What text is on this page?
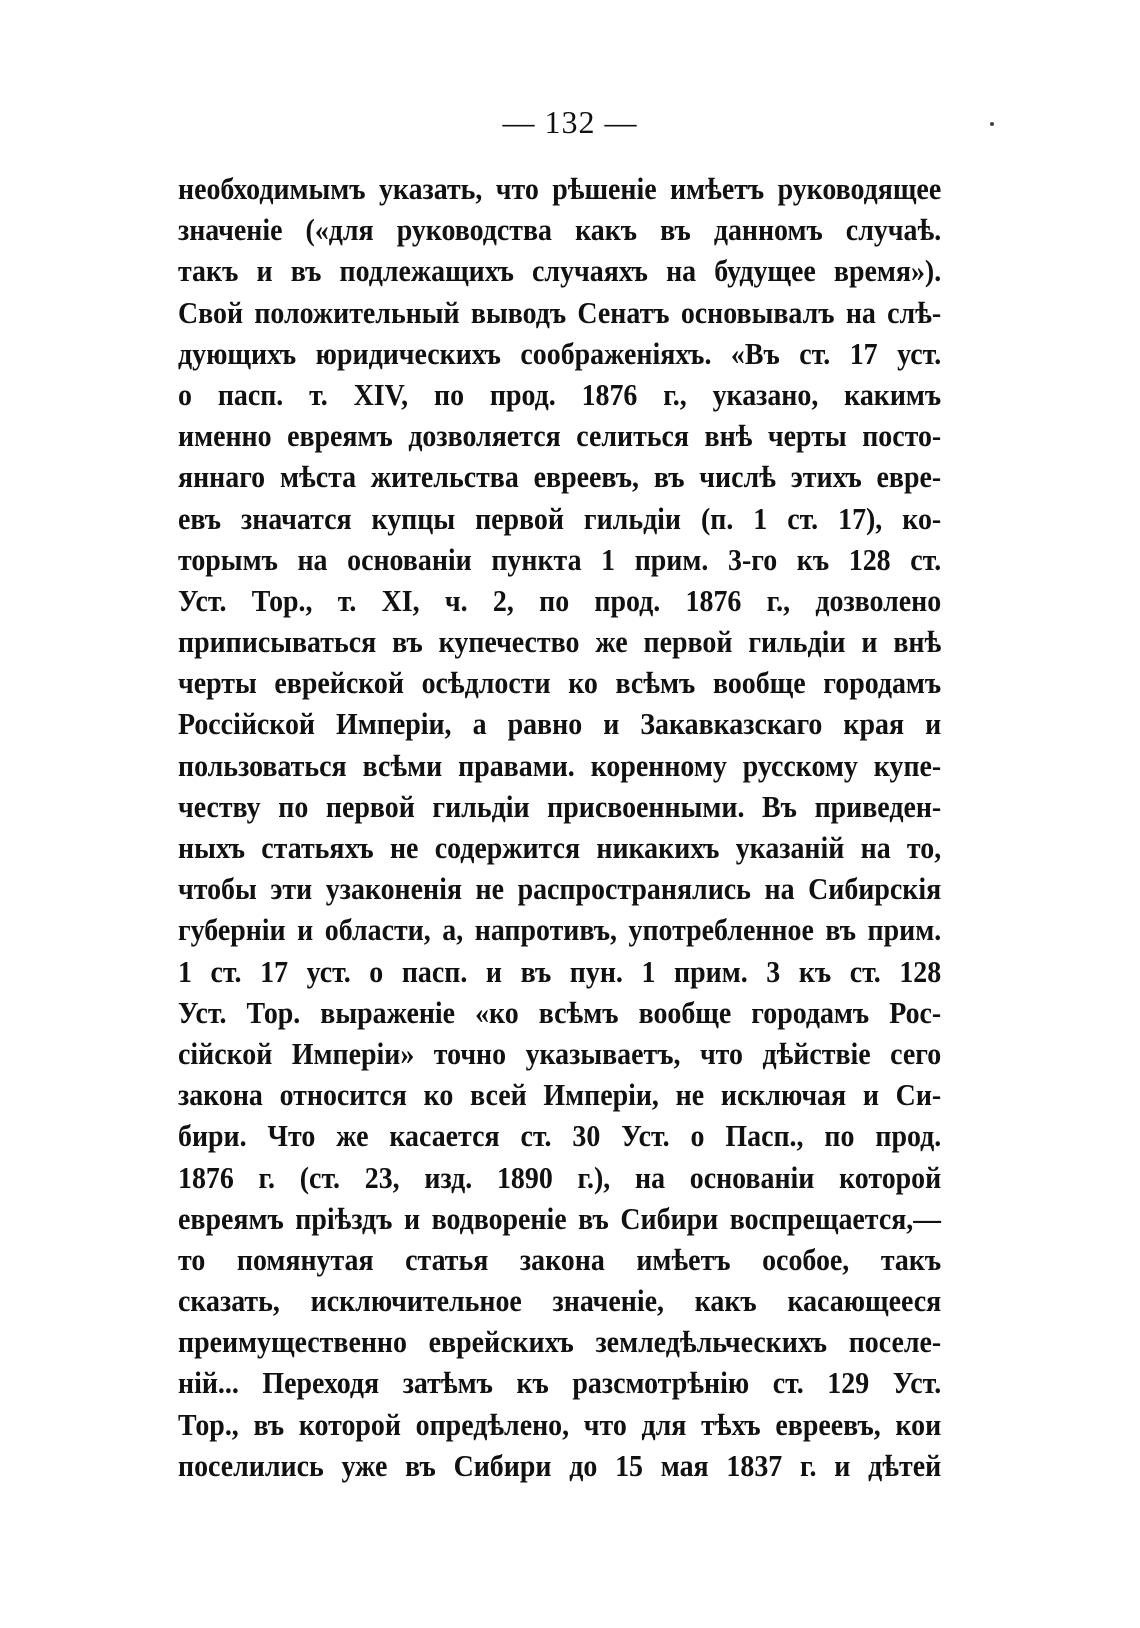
— 132 —
необходимымъ указать, что рѣшеніе имѣетъ руководящее
значеніе («для руководства какъ въ данномъ случаѣ.
такъ и въ подлежащихъ случаяхъ на будущее время»).
Свой положительный выводъ Сенатъ основывалъ на слѣ-
дующихъ юридическихъ соображеніяхъ. «Въ ст. 17 уст.
о пасп. т. XIV, по прод. 1876 г., указано, какимъ
именно евреямъ дозволяется селиться внѣ черты посто-
яннаго мѣста жительства евреевъ, въ числѣ этихъ евре-
евъ значатся купцы первой гильдіи (п. 1 ст. 17), ко-
торымъ на основаніи пункта 1 прим. 3-го къ 128 ст.
Уст. Тор., т. XI, ч. 2, по прод. 1876 г., дозволено
приписываться въ купечество же первой гильдіи и внѣ
черты еврейской осѣдлости ко всѣмъ вообще городамъ
Россійской Имперіи, а равно и Закавказскаго края и
пользоваться всѣми правами. коренному русскому купе-
честву по первой гильдіи присвоенными. Въ приведен-
ныхъ статьяхъ не содержится никакихъ указаній на то,
чтобы эти узаконенія не распространялись на Сибирскія
губерніи и области, а, напротивъ, употребленное въ прим.
1 ст. 17 уст. о пасп. и въ пун. 1 прим. 3 къ ст. 128
Уст. Тор. выраженіе «ко всѣмъ вообще городамъ Рос-
сійской Имперіи» точно указываетъ, что дѣйствіе сего
закона относится ко всей Имперіи, не исключая и Си-
бири. Что же касается ст. 30 Уст. о Пасп., по прод.
1876 г. (ст. 23, изд. 1890 г.), на основаніи которой
евреямъ пріѣздъ и водвореніе въ Сибири воспрещается,—
то помянутая статья закона имѣетъ особое, такъ
сказать, исключительное значеніе, какъ касающееся
преимущественно еврейскихъ земледѣльческихъ поселе-
ній... Переходя затѣмъ къ разсмотрѣнію ст. 129 Уст.
Тор., въ которой опредѣлено, что для тѣхъ евреевъ, кои
поселились уже въ Сибири до 15 мая 1837 г. и дѣтей
